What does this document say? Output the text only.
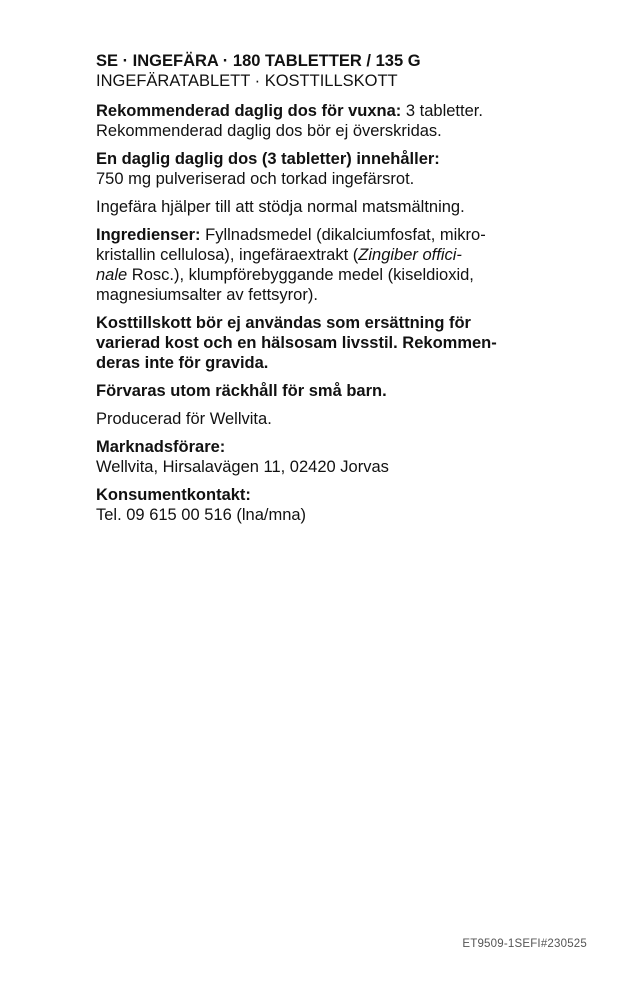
SE · INGEFÄRA · 180 TABLETTER / 135 G
INGEFÄRATABLETT · KOSTTILLSKOTT
Rekommenderad daglig dos för vuxna: 3 tabletter.
Rekommenderad daglig dos bör ej överskridas.
En daglig daglig dos (3 tabletter) innehåller:
750 mg pulveriserad och torkad ingefärsrot.
Ingefära hjälper till att stödja normal matsmältning.
Ingredienser: Fyllnadsmedel (dikalciumfosfat, mikro-
kristallin cellulosa), ingefäraextrakt (Zingiber offici-
nale Rosc.), klumpförebyggande medel (kiseldioxid,
magnesiumsalter av fettsyror).
Kosttillskott bör ej användas som ersättning för
varierad kost och en hälsosam livsstil. Rekommen-
deras inte för gravida.
Förvaras utom räckhåll för små barn.
Producerad för Wellvita.
Marknadsförare:
Wellvita, Hirsalavägen 11, 02420 Jorvas
Konsumentkontakt:
Tel. 09 615 00 516 (lna/mna)
ET9509-1SEFI#230525
